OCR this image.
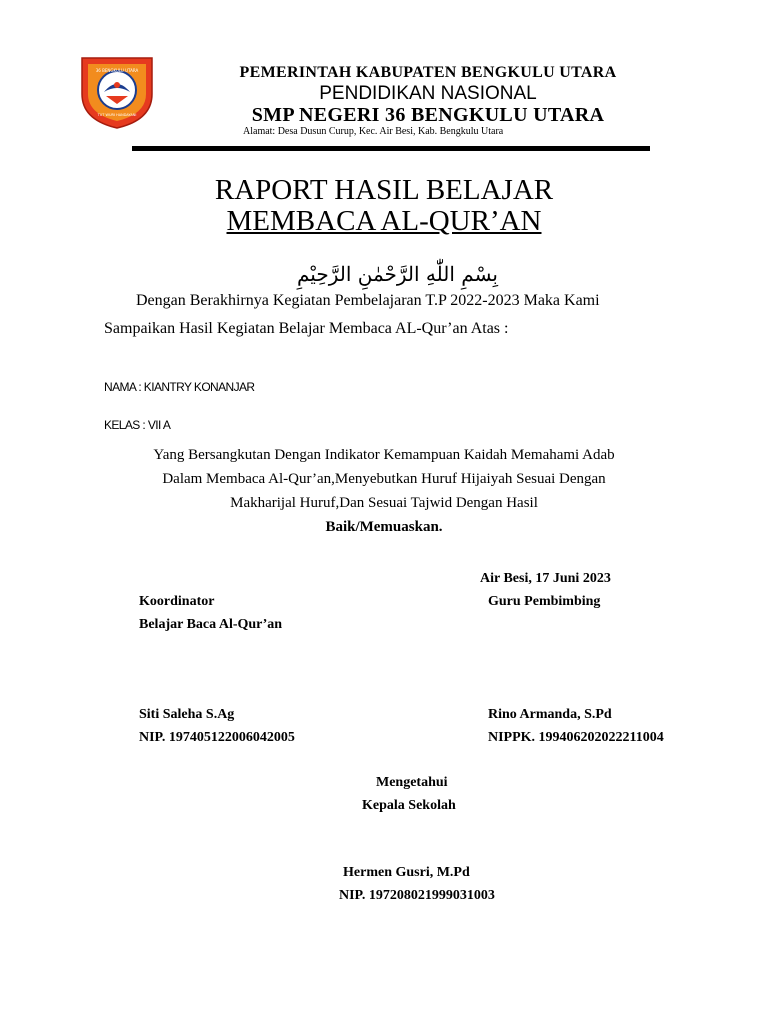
36 BENGKULU UTARA
TUT WURI HANDAYANI
PEMERINTAH KABUPATEN BENGKULU UTARA
PENDIDIKAN NASIONAL
SMP NEGERI 36 BENGKULU UTARA
Alamat: Desa Dusun Curup, Kec. Air Besi, Kab. Bengkulu Utara
RAPORT HASIL BELAJAR
MEMBACA AL-QUR’AN
بِسْمِ اللّٰهِ الرَّحْمٰنِ الرَّحِيْمِ
Dengan Berakhirnya Kegiatan Pembelajaran T.P 2022-2023 Maka Kami
Sampaikan Hasil Kegiatan Belajar Membaca AL-Qur’an Atas :
NAMA : KIANTRY KONANJAR
KELAS : VII A
Yang Bersangkutan Dengan Indikator Kemampuan Kaidah Memahami Adab
Dalam Membaca Al-Qur’an,Menyebutkan Huruf Hijaiyah Sesuai Dengan
Makharijal Huruf,Dan Sesuai Tajwid Dengan Hasil
Baik/Memuaskan.
Air Besi, 17 Juni 2023
Koordinator
Belajar Baca Al-Qur’an
Siti Saleha S.Ag
NIP. 197405122006042005
Guru Pembimbing
Rino Armanda, S.Pd
NIPPK. 199406202022211004
Mengetahui
Kepala Sekolah
Hermen Gusri, M.Pd
NIP. 197208021999031003
